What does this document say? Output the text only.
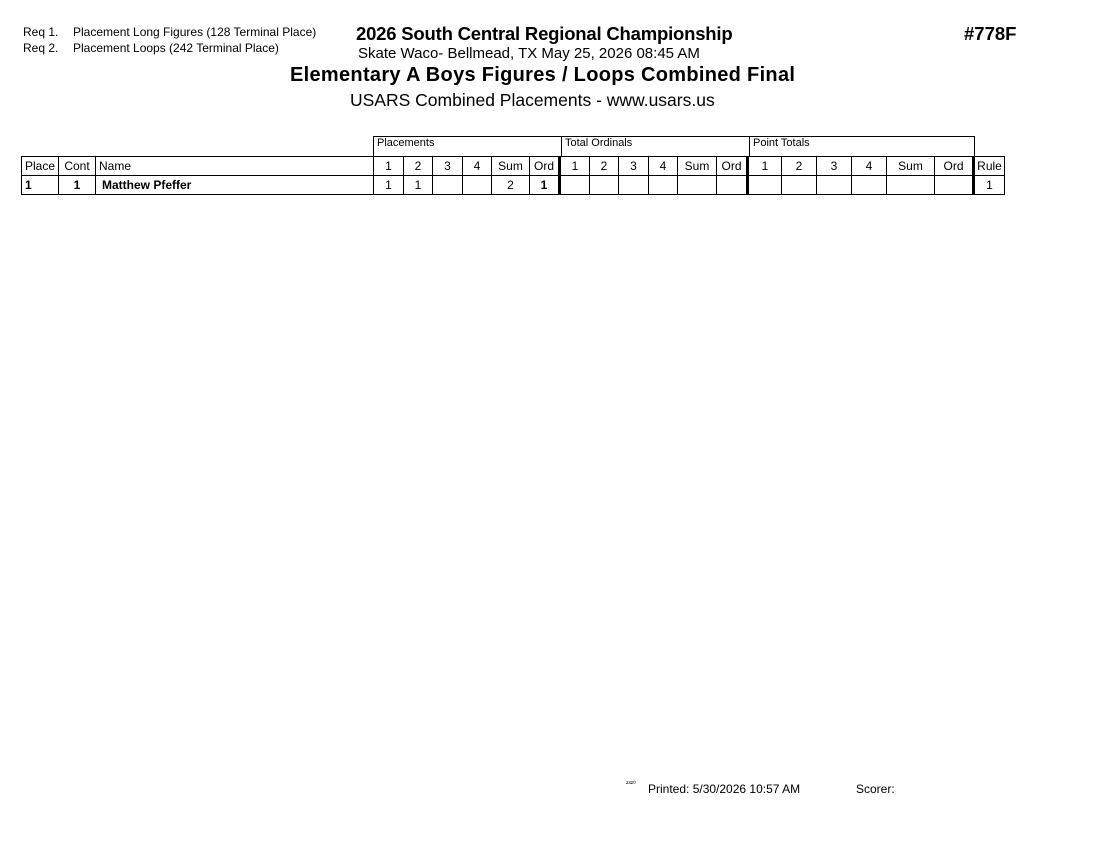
Req 1. Placement Long Figures (128 Terminal Place)
Req 2. Placement Loops (242 Terminal Place)
2026 South Central Regional Championship
Skate Waco- Bellmead, TX May 25, 2026 08:45 AM
#778F
Elementary A Boys Figures / Loops Combined Final
USARS Combined Placements - www.usars.us
Placements	Total Ordinals	Point Totals
Place	Cont	Name	1	2	3	4	Sum	Ord	1	2	3	4	Sum	Ord	1	2	3	4	Sum	Ord	Rule
1	1	Matthew Pfeffer	1	1			2	1													1
²³²⁰ Printed: 5/30/2026 10:57 AM	Scorer:
